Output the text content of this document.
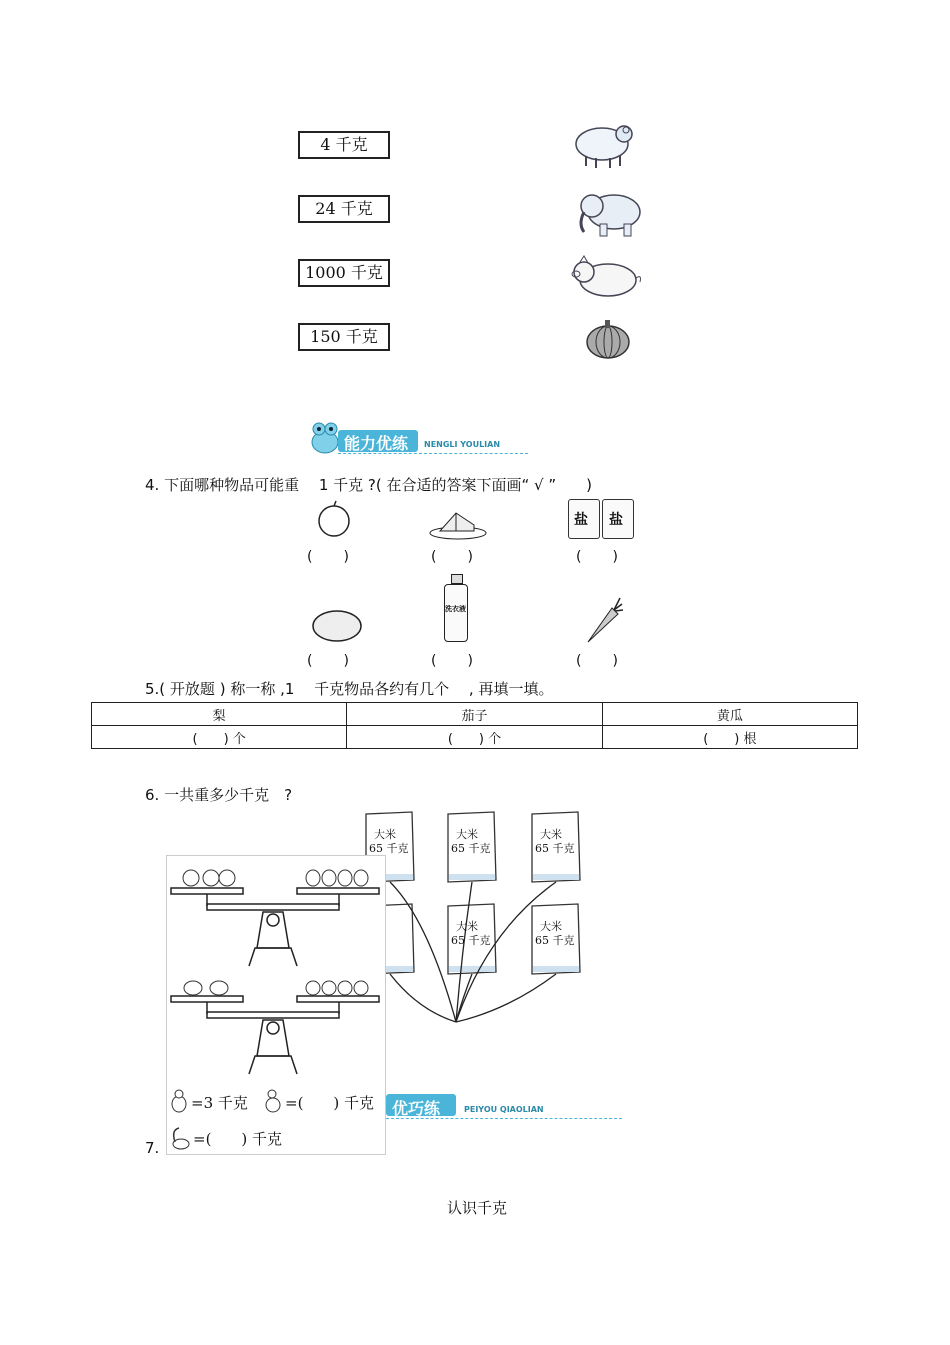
4 千克
24 千克
1000 千克
150 千克
能力优练 NENGLI YOULIAN
4. 下面哪种物品可能重　 1 千克 ?( 在合适的答案下面画“ √ ”　　)
盐 盐
(　　)	(　　)	(　　)
洗衣液
(　　)	(　　)	(　　)
5.( 开放题 ) 称一称 ,1 　千克物品各约有几个　 , 再填一填。
梨	茄子	黄瓜
(　　) 个	(　　) 个	(　　) 根
6. 一共重多少千克　?
大米
65 千克
大米
65 千克
大米
65 千克
大米
65 千克
大米
65 千克
优巧练	PEIYOU QIAOLIAN
=3 千克 =(　　) 千克
=(　　) 千克
7.
认识千克
